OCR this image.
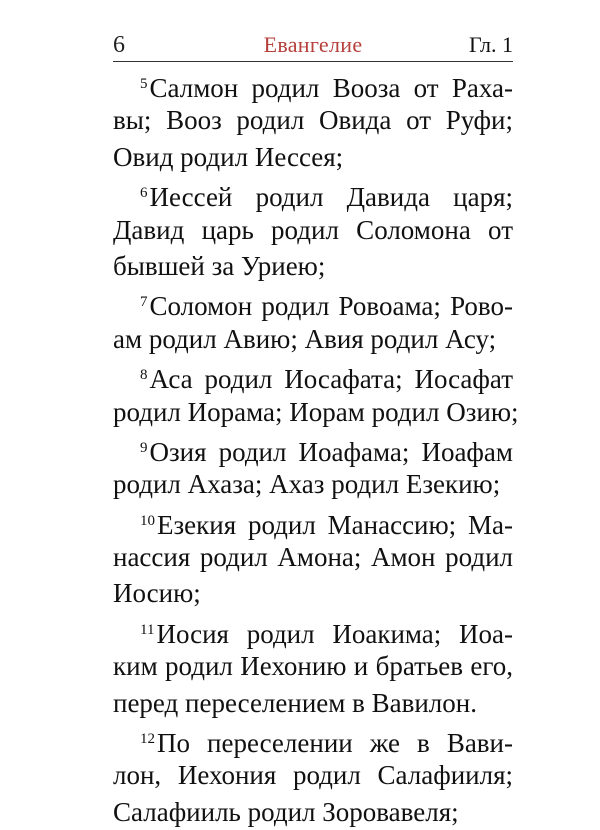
6	Евангелие	Гл. 1
$^5$Салмон родил Вооза от Раха-
вы; Вооз родил Овида от Руфи;
Овид родил Иессея;
$^6$Иессей родил Давида царя;
Давид царь родил Соломона от
бывшей за Уриею;
$^7$Соломон родил Ровоама; Рово-
ам родил Авию; Авия родил Асу;
$^8$Аса родил Иосафата; Иосафат
родил Иорама; Иорам родил Озию;
$^9$Озия родил Иоафама; Иоафам
родил Ахаза; Ахаз родил Езекию;
$^{10}$Езекия родил Манассию; Ма-
нассия родил Амона; Амон родил
Иосию;
$^{11}$Иосия родил Иоакима; Иоа-
ким родил Иехонию и братьев его,
перед переселением в Вавилон.
$^{12}$По переселении же в Вави-
лон, Иехония родил Салафииля;
Салафииль родил Зоровавеля;
